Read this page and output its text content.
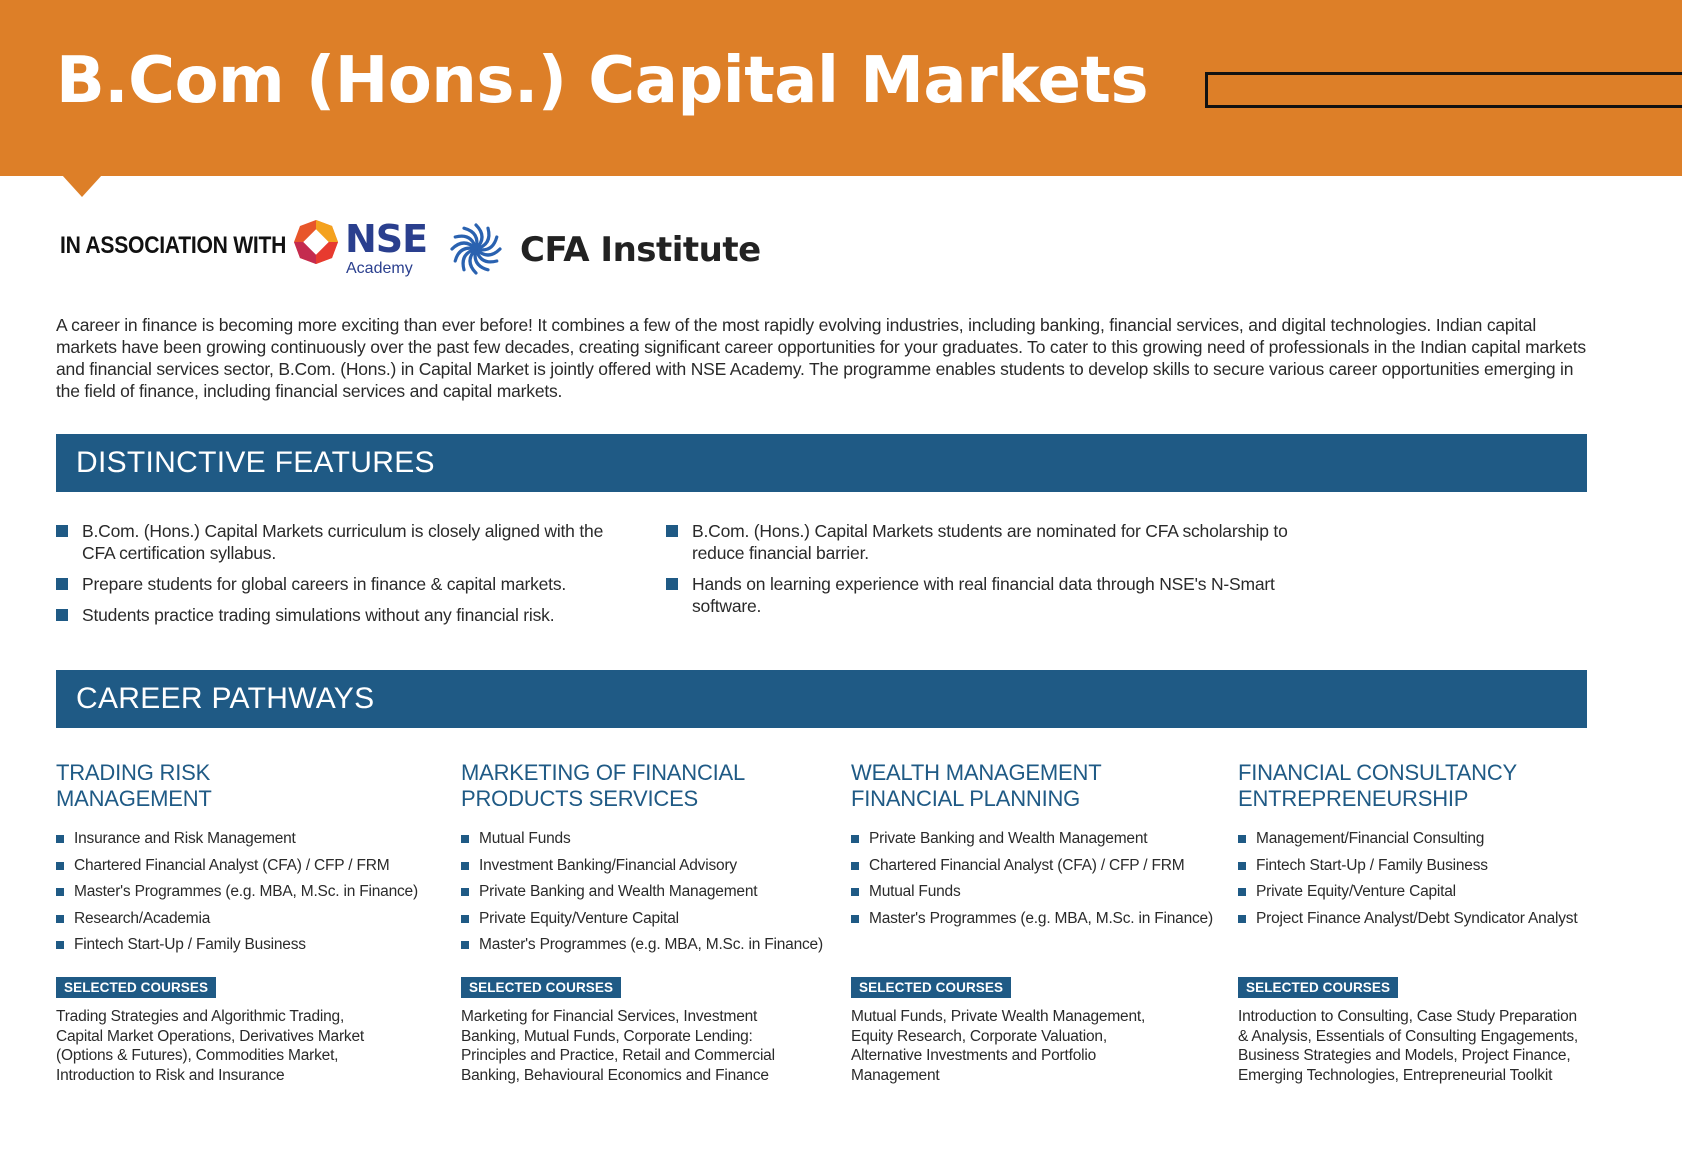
B.Com (Hons.) Capital Markets
IN ASSOCIATION WITH NSE
Academy	CFA Institute

A career in finance is becoming more exciting than ever before! It combines a few of the most rapidly evolving industries, including banking, financial services, and digital technologies. Indian capital markets have been growing continuously over the past few decades, creating significant career opportunities for your graduates. To cater to this growing need of professionals in the Indian capital markets and financial services sector, B.Com. (Hons.) in Capital Market is jointly offered with NSE Academy. The programme enables students to develop skills to secure various career opportunities emerging in the field of finance, including financial services and capital markets.

DISTINCTIVE FEATURES
B.Com. (Hons.) Capital Markets curriculum is closely aligned with the CFA certification syllabus.
Prepare students for global careers in finance & capital markets.
Students practice trading simulations without any financial risk.
B.Com. (Hons.) Capital Markets students are nominated for CFA scholarship to reduce financial barrier.
Hands on learning experience with real financial data through NSE's N-Smart software.
CAREER PATHWAYS
TRADING RISK
MANAGEMENT
Insurance and Risk Management
Chartered Financial Analyst (CFA) / CFP / FRM
Master's Programmes (e.g. MBA, M.Sc. in Finance)
Research/Academia
Fintech Start-Up / Family Business
SELECTED COURSES

Trading Strategies and Algorithmic Trading, Capital Market Operations, Derivatives Market (Options & Futures), Commodities Market, Introduction to Risk and Insurance

MARKETING OF FINANCIAL
PRODUCTS SERVICES
Mutual Funds
Investment Banking/Financial Advisory
Private Banking and Wealth Management
Private Equity/Venture Capital
Master's Programmes (e.g. MBA, M.Sc. in Finance)
SELECTED COURSES

Marketing for Financial Services, Investment Banking, Mutual Funds, Corporate Lending: Principles and Practice, Retail and Commercial Banking, Behavioural Economics and Finance

WEALTH MANAGEMENT
FINANCIAL PLANNING
Private Banking and Wealth Management
Chartered Financial Analyst (CFA) / CFP / FRM
Mutual Funds
Master's Programmes (e.g. MBA, M.Sc. in Finance)
SELECTED COURSES

Mutual Funds, Private Wealth Management, Equity Research, Corporate Valuation, Alternative Investments and Portfolio Management

FINANCIAL CONSULTANCY
ENTREPRENEURSHIP
Management/Financial Consulting
Fintech Start-Up / Family Business
Private Equity/Venture Capital
Project Finance Analyst/Debt Syndicator Analyst
SELECTED COURSES

Introduction to Consulting, Case Study Preparation & Analysis, Essentials of Consulting Engagements, Business Strategies and Models, Project Finance, Emerging Technologies, Entrepreneurial Toolkit
